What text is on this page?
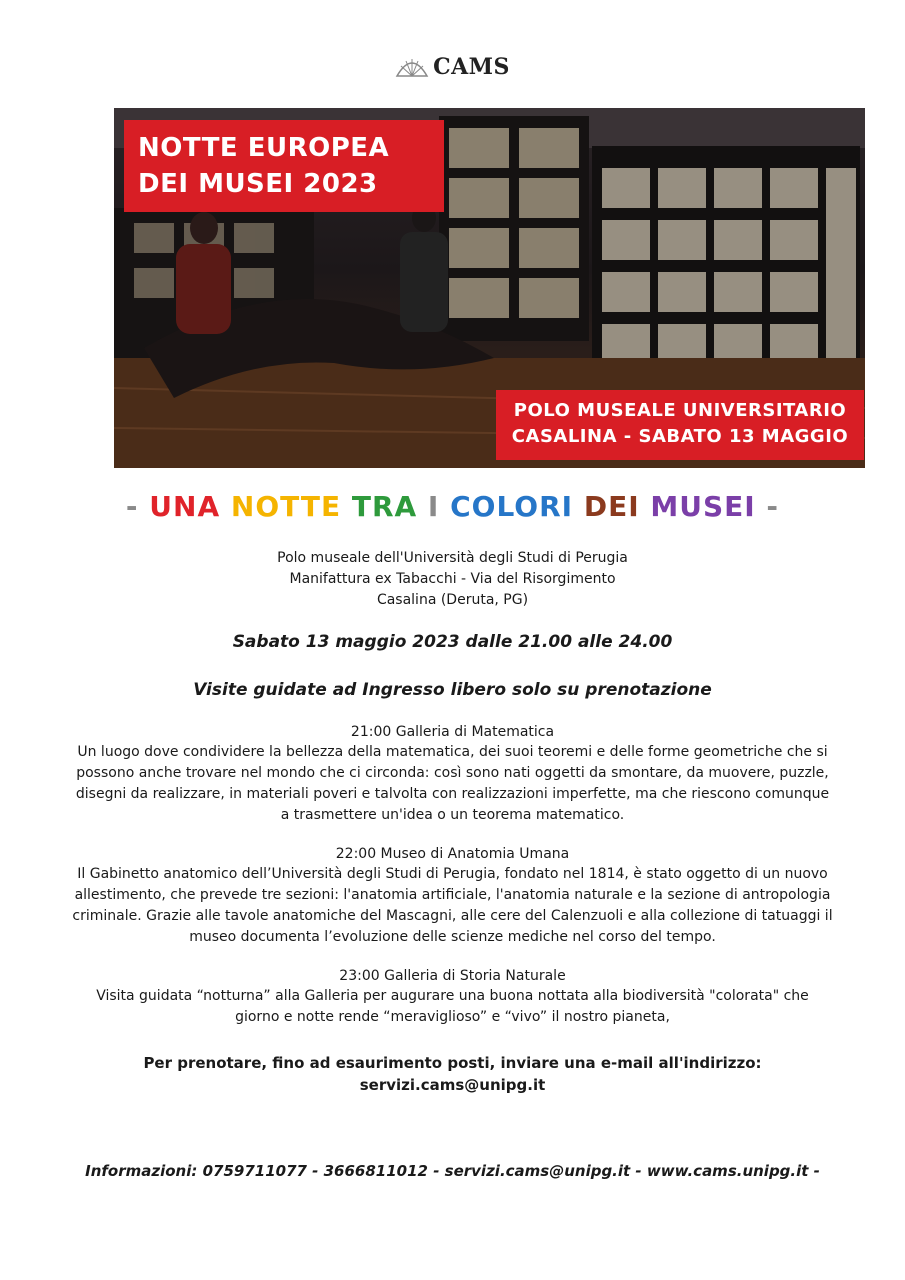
CAMS
NOTTE EUROPEA
DEI MUSEI 2023
POLO MUSEALE UNIVERSITARIO
CASALINA - SABATO 13 MAGGIO
- UNA NOTTE TRA I COLORI DEI MUSEI -
Polo museale dell'Università degli Studi di Perugia
Manifattura ex Tabacchi - Via del Risorgimento
Casalina (Deruta, PG)
Sabato 13 maggio 2023 dalle 21.00 alle 24.00
Visite guidate ad Ingresso libero solo su prenotazione
21:00 Galleria di Matematica
Un luogo dove condividere la bellezza della matematica, dei suoi teoremi e delle forme geometriche che si
possono anche trovare nel mondo che ci circonda: così sono nati oggetti da smontare, da muovere, puzzle,
disegni da realizzare, in materiali poveri e talvolta con realizzazioni imperfette, ma che riescono comunque
a trasmettere un'idea o un teorema matematico.
22:00 Museo di Anatomia Umana
Il Gabinetto anatomico dell’Università degli Studi di Perugia, fondato nel 1814, è stato oggetto di un nuovo
allestimento, che prevede tre sezioni: l'anatomia artificiale, l'anatomia naturale e la sezione di antropologia
criminale. Grazie alle tavole anatomiche del Mascagni, alle cere del Calenzuoli e alla collezione di tatuaggi il
museo documenta l’evoluzione delle scienze mediche nel corso del tempo.
23:00 Galleria di Storia Naturale
Visita guidata “notturna” alla Galleria per augurare una buona nottata alla biodiversità "colorata" che
giorno e notte rende “meraviglioso” e “vivo” il nostro pianeta,
Per prenotare, fino ad esaurimento posti, inviare una e-mail all'indirizzo:
servizi.cams@unipg.it
Informazioni: 0759711077 - 3666811012 - servizi.cams@unipg.it - www.cams.unipg.it -
